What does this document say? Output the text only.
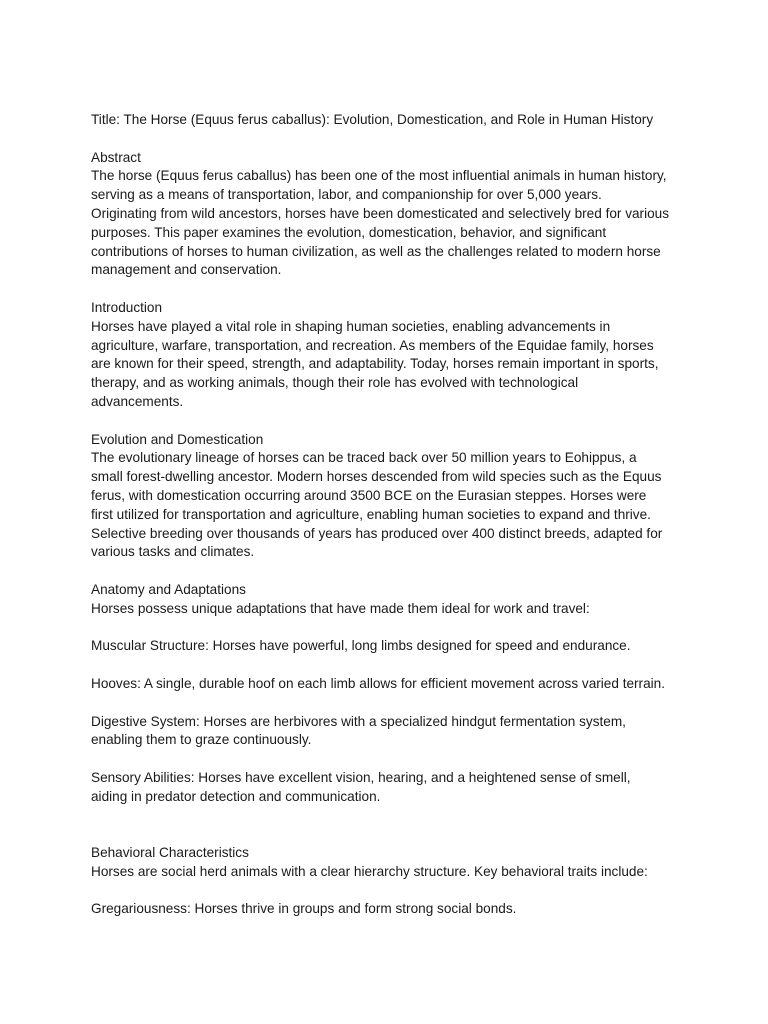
Title: The Horse (Equus ferus caballus): Evolution, Domestication, and Role in Human History

Abstract

The horse (Equus ferus caballus) has been one of the most influential animals in human history,

serving as a means of transportation, labor, and companionship for over 5,000 years.

Originating from wild ancestors, horses have been domesticated and selectively bred for various

purposes. This paper examines the evolution, domestication, behavior, and significant

contributions of horses to human civilization, as well as the challenges related to modern horse

management and conservation.

Introduction

Horses have played a vital role in shaping human societies, enabling advancements in

agriculture, warfare, transportation, and recreation. As members of the Equidae family, horses

are known for their speed, strength, and adaptability. Today, horses remain important in sports,

therapy, and as working animals, though their role has evolved with technological

advancements.

Evolution and Domestication

The evolutionary lineage of horses can be traced back over 50 million years to Eohippus, a

small forest-dwelling ancestor. Modern horses descended from wild species such as the Equus

ferus, with domestication occurring around 3500 BCE on the Eurasian steppes. Horses were

first utilized for transportation and agriculture, enabling human societies to expand and thrive.

Selective breeding over thousands of years has produced over 400 distinct breeds, adapted for

various tasks and climates.

Anatomy and Adaptations

Horses possess unique adaptations that have made them ideal for work and travel:

Muscular Structure: Horses have powerful, long limbs designed for speed and endurance.

Hooves: A single, durable hoof on each limb allows for efficient movement across varied terrain.

Digestive System: Horses are herbivores with a specialized hindgut fermentation system,

enabling them to graze continuously.

Sensory Abilities: Horses have excellent vision, hearing, and a heightened sense of smell,

aiding in predator detection and communication.

Behavioral Characteristics

Horses are social herd animals with a clear hierarchy structure. Key behavioral traits include:

Gregariousness: Horses thrive in groups and form strong social bonds.
